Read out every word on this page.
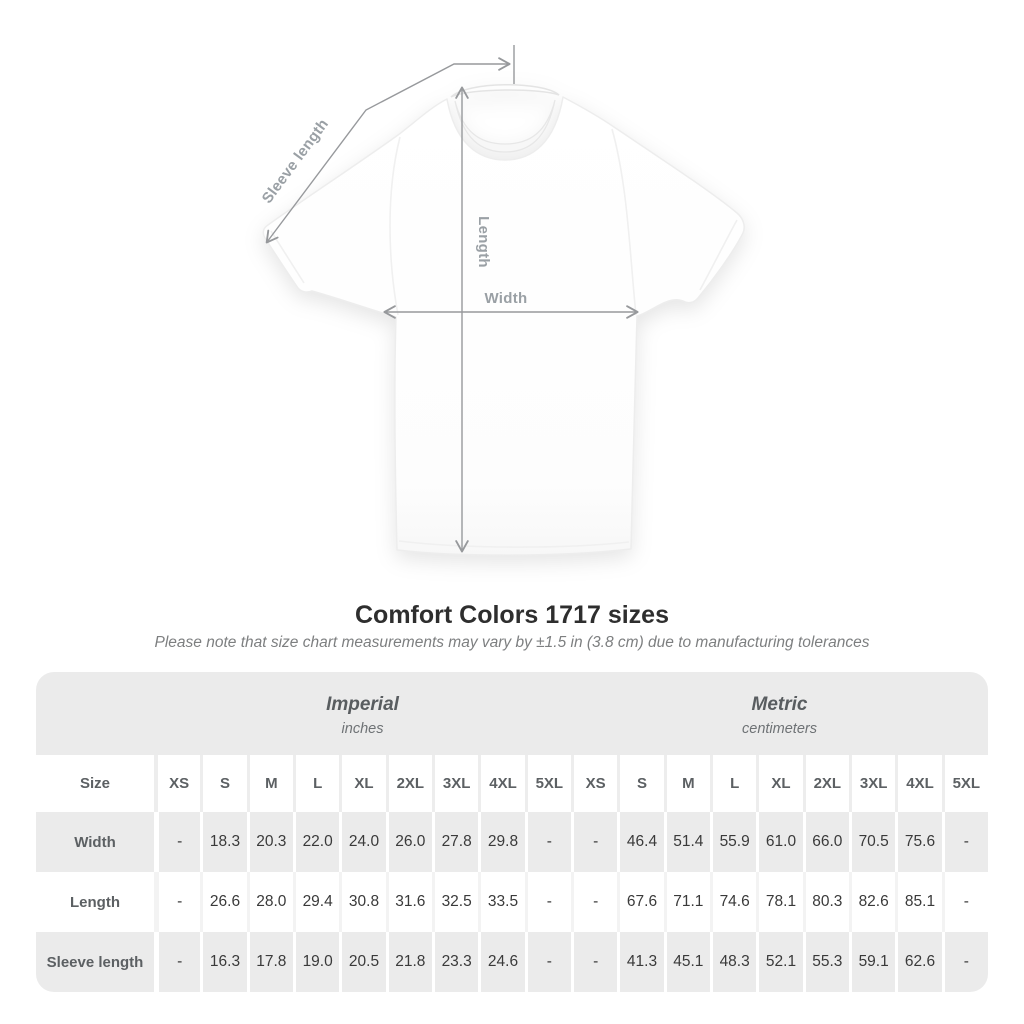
Length
Width
Sleeve length
Comfort Colors 1717 sizes
Please note that size chart measurements may vary by ±1.5 in (3.8 cm) due to manufacturing tolerances
Imperial
inches
Metric
centimeters
Size	XS	S	M	L	XL	2XL	3XL	4XL	5XL	XS	S	M	L	XL	2XL	3XL	4XL	5XL
Width	-	18.3	20.3	22.0	24.0	26.0	27.8	29.8	-	-	46.4	51.4	55.9	61.0	66.0	70.5	75.6	-
Length	-	26.6	28.0	29.4	30.8	31.6	32.5	33.5	-	-	67.6	71.1	74.6	78.1	80.3	82.6	85.1	-
Sleeve length	-	16.3	17.8	19.0	20.5	21.8	23.3	24.6	-	-	41.3	45.1	48.3	52.1	55.3	59.1	62.6	-
